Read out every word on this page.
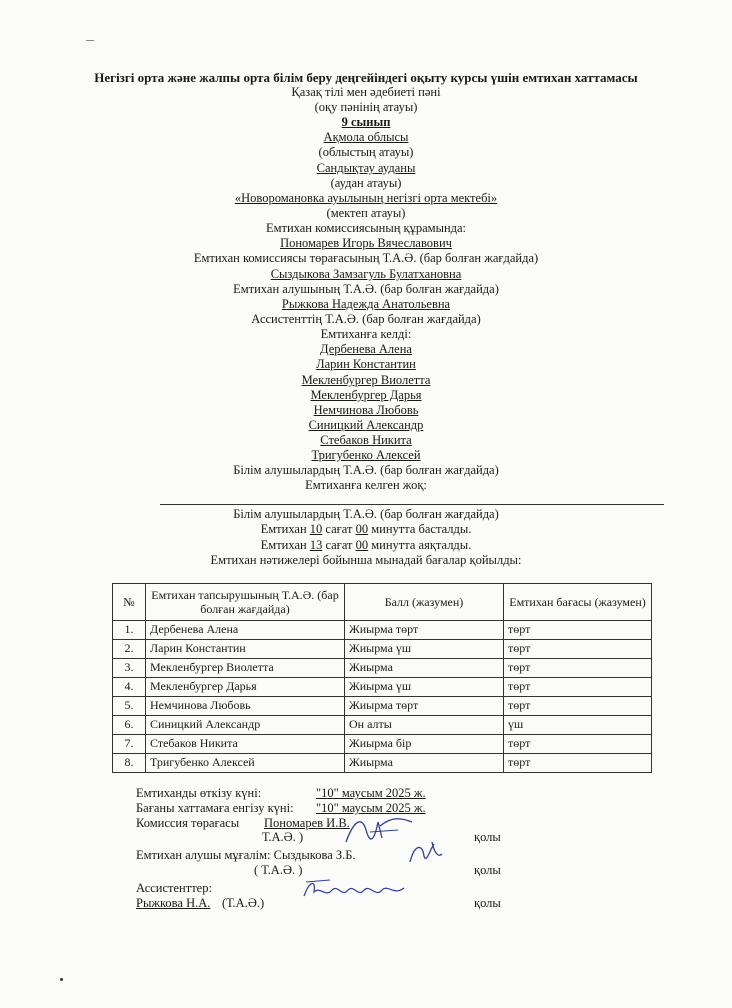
Негізгі орта және жалпы орта білім беру деңгейіндегі оқыту курсы үшін емтихан хаттамасы
Қазақ тілі мен әдебиеті пәні
(оқу пәнінің атауы)
9 сынып
Ақмола облысы
(облыстың атауы)
Сандықтау ауданы
(аудан атауы)
«Новоромановка ауылының негізгі орта мектебі»
(мектеп атауы)
Емтихан комиссиясының құрамында:
Пономарев Игорь Вячеславович
Емтихан комиссиясы төрағасының Т.А.Ә. (бар болған жағдайда)
Сыздыкова Замзагуль Булатхановна
Емтихан алушының Т.А.Ә. (бар болған жағдайда)
Рыжкова Надежда Анатольевна
Ассистенттің Т.А.Ә. (бар болған жағдайда)
Емтиханға келді:
Дербенева Алена
Ларин Константин
Мекленбургер Виолетта
Мекленбургер Дарья
Немчинова Любовь
Синицкий Александр
Стебаков Никита
Тригубенко Алексей
Білім алушылардың Т.А.Ә. (бар болған жағдайда)
Емтиханға келген жоқ:
Білім алушылардың Т.А.Ә. (бар болған жағдайда)
Емтихан 10 сағат 00 минутта басталды.
Емтихан 13 сағат 00 минутта аяқталды.
Емтихан нәтижелері бойынша мынадай бағалар қойылды:
№	Емтихан тапсырушының Т.А.Ә. (бар болған жағдайда)	Балл (жазумен)	Емтихан бағасы (жазумен)
1.	Дербенева Алена	Жиырма төрт	төрт
2.	Ларин Константин	Жиырма үш	төрт
3.	Мекленбургер Виолетта	Жиырма	төрт
4.	Мекленбургер Дарья	Жиырма үш	төрт
5.	Немчинова Любовь	Жиырма төрт	төрт
6.	Синицкий Александр	Он алты	үш
7.	Стебаков Никита	Жиырма бір	төрт
8.	Тригубенко Алексей	Жиырма	төрт
Емтиханды өткізу күні:	"10" маусым 2025 ж.
Бағаны хаттамаға енгізу күні: "10" маусым 2025 ж.
Комиссия төрағасы Пономарев И.В.
Т.А.Ә. )	қолы
Емтихан алушы мұғалім: Сыздыкова З.Б.
( Т.А.Ә. )	қолы
Ассистенттер:
Рыжкова Н.А. (Т.А.Ә.)	қолы
